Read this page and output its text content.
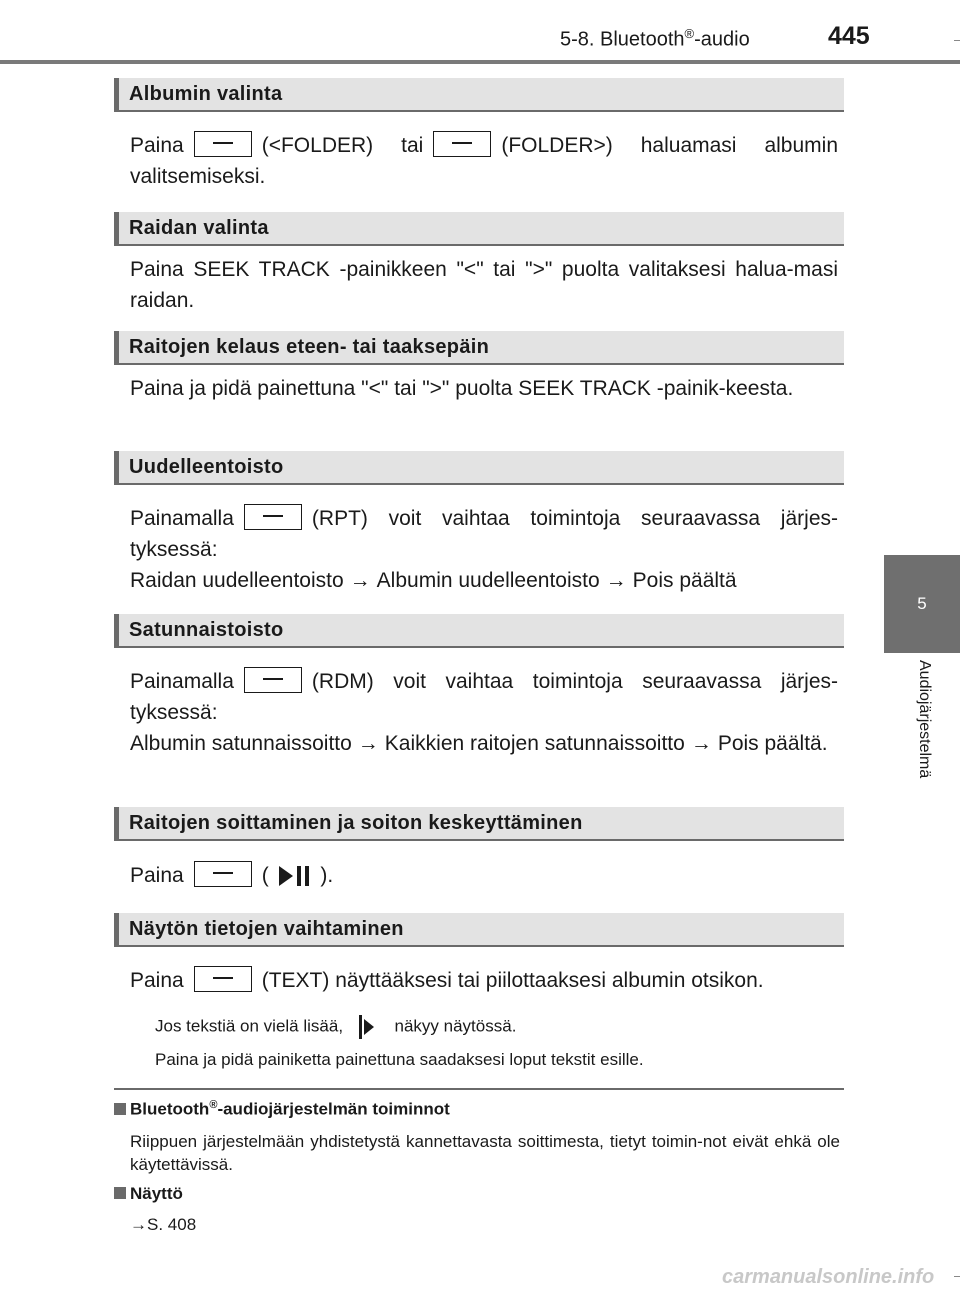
5-8. Bluetooth®-audio	445
5
Audiojärjestelmä
Albumin valinta
Paina	(<FOLDER) tai	(FOLDER>) haluamasi albumin valitsemiseksi.
Raidan valinta
Paina SEEK TRACK -painikkeen "<" tai ">" puolta valitaksesi halua-masi raidan.
Raitojen kelaus eteen- tai taaksepäin
Paina ja pidä painettuna "<" tai ">" puolta SEEK TRACK -painik-keesta.
Uudelleentoisto
Painamalla	(RPT) voit vaihtaa toimintoja seuraavassa järjes-tyksessä:
Raidan uudelleentoisto → Albumin uudelleentoisto → Pois päältä
Satunnaistoisto
Painamalla	(RDM) voit vaihtaa toimintoja seuraavassa järjes-tyksessä:
Albumin satunnaissoitto → Kaikkien raitojen satunnaissoitto → Pois päältä.
Raitojen soittaminen ja soiton keskeyttäminen
Paina	( ).
Näytön tietojen vaihtaminen
Paina	(TEXT) näyttääksesi tai piilottaaksesi albumin otsikon.
Jos tekstiä on vielä lisää,	näkyy näytössä.
Paina ja pidä painiketta painettuna saadaksesi loput tekstit esille.
Bluetooth®-audiojärjestelmän toiminnot
Riippuen järjestelmään yhdistetystä kannettavasta soittimesta, tietyt toimin-not eivät ehkä ole käytettävissä.
Näyttö
→S. 408
carmanualsonline.info
